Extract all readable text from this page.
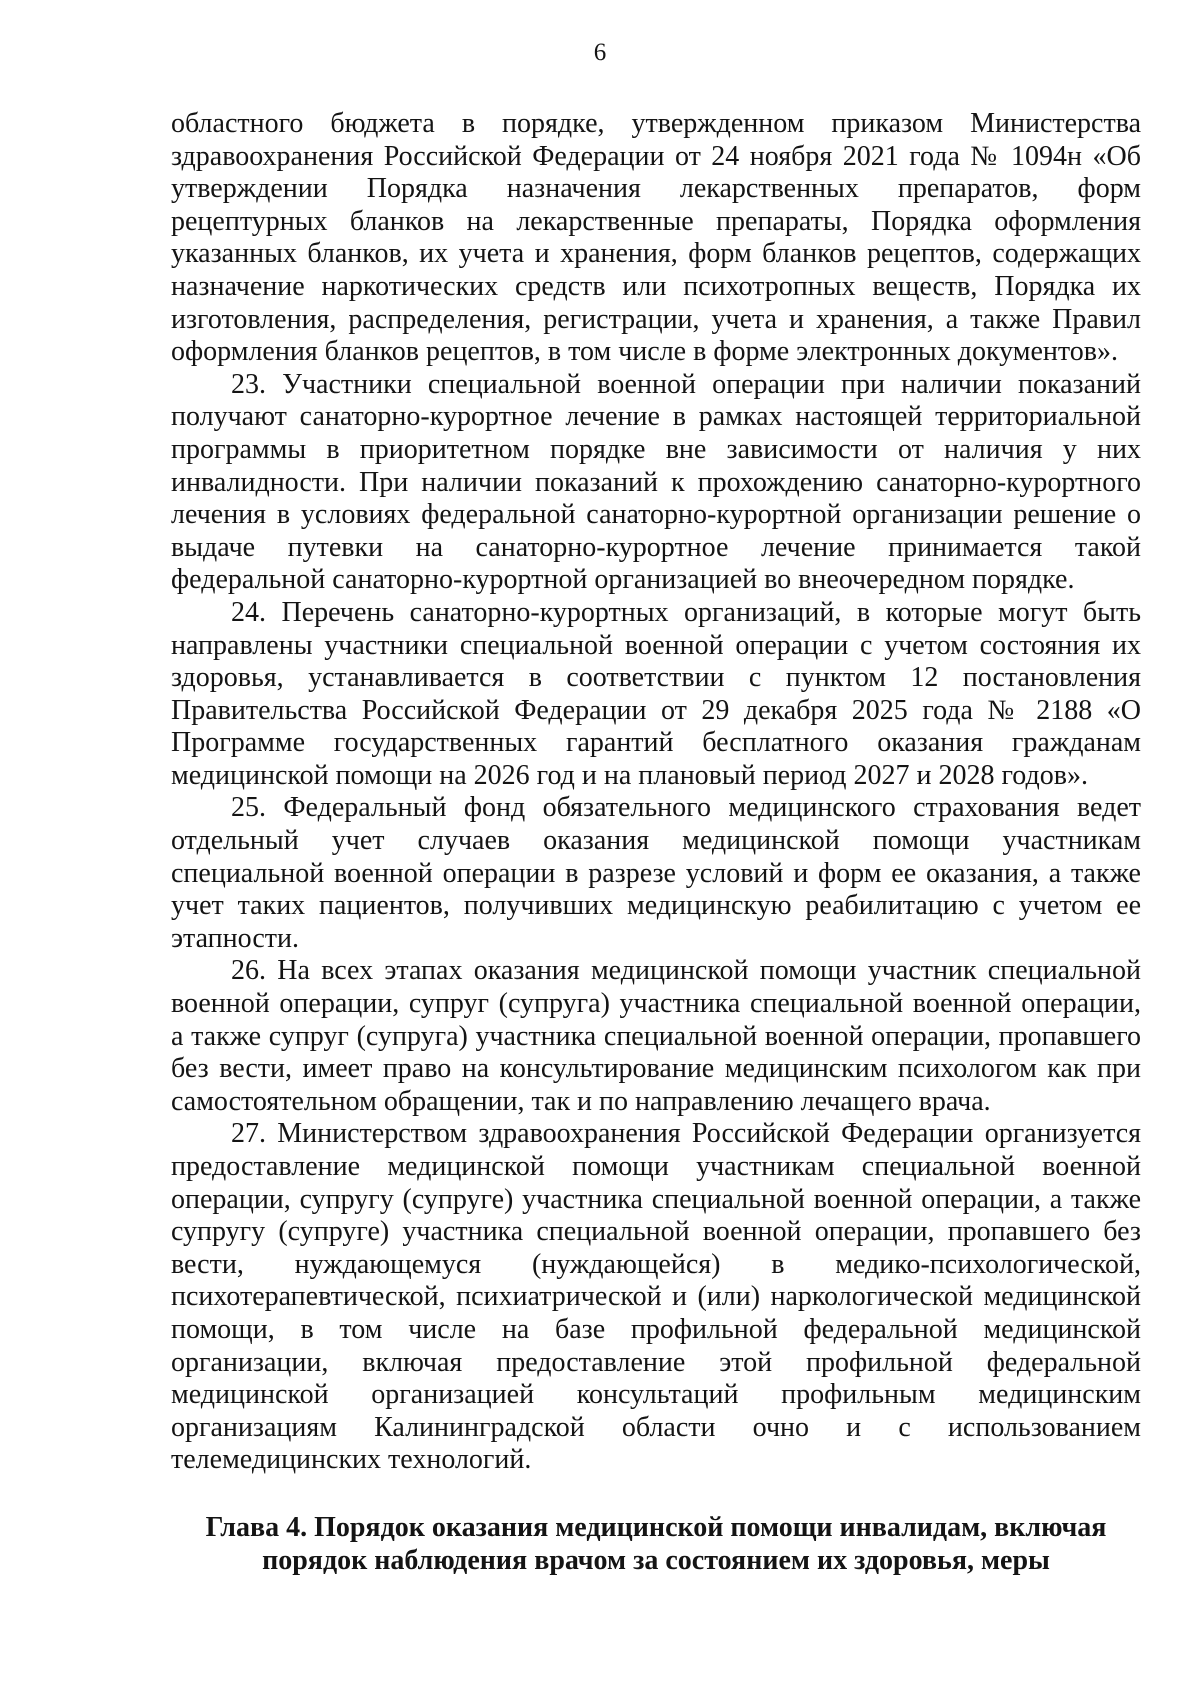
6

областного бюджета в порядке, утвержденном приказом Министерства здравоохранения Российской Федерации от 24 ноября 2021 года № 1094н «Об утверждении Порядка назначения лекарственных препаратов, форм рецептурных бланков на лекарственные препараты, Порядка оформления указанных бланков, их учета и хранения, форм бланков рецептов, содержащих назначение наркотических средств или психотропных веществ, Порядка их изготовления, распределения, регистрации, учета и хранения, а также Правил оформления бланков рецептов, в том числе в форме электронных документов».

23. Участники специальной военной операции при наличии показаний получают санаторно-курортное лечение в рамках настоящей территориальной программы в приоритетном порядке вне зависимости от наличия у них инвалидности. При наличии показаний к прохождению санаторно-курортного лечения в условиях федеральной санаторно-курортной организации решение о выдаче путевки на санаторно-курортное лечение принимается такой федеральной санаторно-курортной организацией во внеочередном порядке.

24. Перечень санаторно-курортных организаций, в которые могут быть направлены участники специальной военной операции с учетом состояния их здоровья, устанавливается в соответствии с пунктом 12 постановления Правительства Российской Федерации от 29 декабря 2025 года № 2188 «О Программе государственных гарантий бесплатного оказания гражданам медицинской помощи на 2026 год и на плановый период 2027 и 2028 годов».

25. Федеральный фонд обязательного медицинского страхования ведет отдельный учет случаев оказания медицинской помощи участникам специальной военной операции в разрезе условий и форм ее оказания, а также учет таких пациентов, получивших медицинскую реабилитацию с учетом ее этапности.

26. На всех этапах оказания медицинской помощи участник специальной военной операции, супруг (супруга) участника специальной военной операции, а также супруг (супруга) участника специальной военной операции, пропавшего без вести, имеет право на консультирование медицинским психологом как при самостоятельном обращении, так и по направлению лечащего врача.

27. Министерством здравоохранения Российской Федерации организуется предоставление медицинской помощи участникам специальной военной операции, супругу (супруге) участника специальной военной операции, а также супругу (супруге) участника специальной военной операции, пропавшего без вести, нуждающемуся (нуждающейся) в медико-психологической, психотерапевтической, психиатрической и (или) наркологической медицинской помощи, в том числе на базе профильной федеральной медицинской организации, включая предоставление этой профильной федеральной медицинской организацией консультаций профильным медицинским организациям Калининградской области очно и с использованием телемедицинских технологий.

Глава 4. Порядок оказания медицинской помощи инвалидам, включая
порядок наблюдения врачом за состоянием их здоровья, меры
